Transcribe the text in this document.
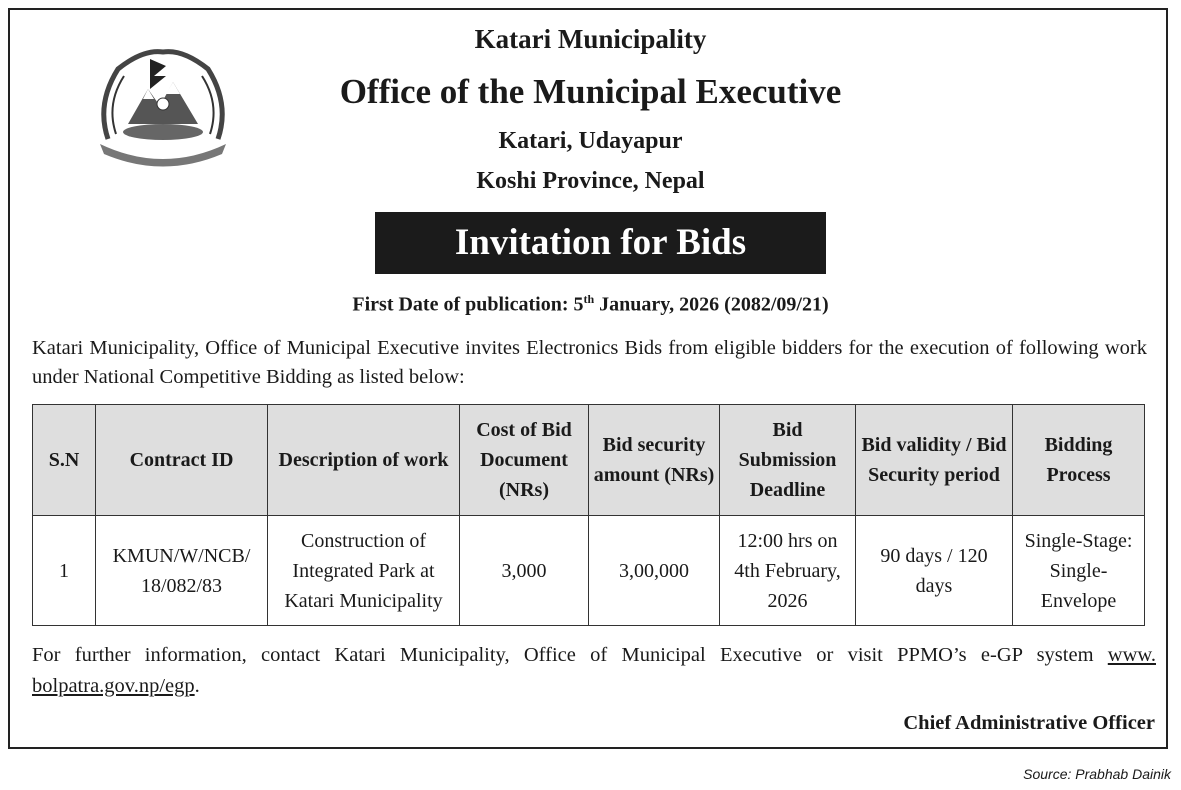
Katari Municipality
Office of the Municipal Executive
Katari, Udayapur
Koshi Province, Nepal
Invitation for Bids
First Date of publication: 5th January, 2026 (2082/09/21)
Katari Municipality, Office of Municipal Executive invites Electronics Bids from eligible bidders for the execution of following work under National Competitive Bidding as listed below:
S.N	Contract ID	Description of work	Cost of Bid Document (NRs)	Bid security amount (NRs)	Bid Submission Deadline	Bid validity / Bid Security period	Bidding Process
1	KMUN/W/NCB/ 18/082/83	Construction of Integrated Park at Katari Municipality	3,000	3,00,000	12:00 hrs on 4th February, 2026	90 days / 120 days	Single-Stage: Single-Envelope
For further information, contact Katari Municipality, Office of Municipal Executive or visit PPMO’s e-GP system www. bolpatra.gov.np/egp.
Chief Administrative Officer
Source: Prabhab Dainik
